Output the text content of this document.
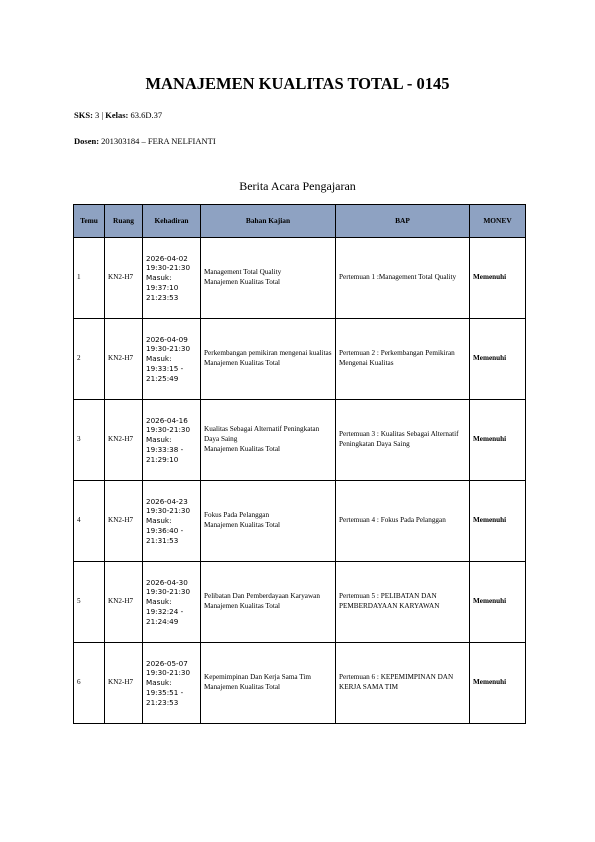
MANAJEMEN KUALITAS TOTAL - 0145
SKS: 3 | Kelas: 63.6D.37
Dosen: 201303184 – FERA NELFIANTI
Berita Acara Pengajaran
Temu	Ruang	Kehadiran	Bahan Kajian	BAP	MONEV
1	KN2-H7	2026-04-02
19:30-21:30
Masuk:
19:37:10
21:23:53	Management Total Quality
Manajemen Kualitas Total	Pertemuan 1 :Management Total Quality	Memenuhi
2	KN2-H7	2026-04-09
19:30-21:30
Masuk:
19:33:15 -
21:25:49	Perkembangan pemikiran mengenai kualitas
Manajemen Kualitas Total	Pertemuan 2 : Perkembangan Pemikiran Mengenai Kualitas	Memenuhi
3	KN2-H7	2026-04-16
19:30-21:30
Masuk:
19:33:38 -
21:29:10	Kualitas Sebagai Alternatif Peningkatan Daya Saing
Manajemen Kualitas Total	Pertemuan 3 : Kualitas Sebagai Alternatif Peningkatan Daya Saing	Memenuhi
4	KN2-H7	2026-04-23
19:30-21:30
Masuk:
19:36:40 -
21:31:53	Fokus Pada Pelanggan
Manajemen Kualitas Total	Pertemuan 4 : Fokus Pada Pelanggan	Memenuhi
5	KN2-H7	2026-04-30
19:30-21:30
Masuk:
19:32:24 -
21:24:49	Pelibatan Dan Pemberdayaan Karyawan
Manajemen Kualitas Total	Pertemuan 5 : PELIBATAN DAN PEMBERDAYAAN KARYAWAN	Memenuhi
6	KN2-H7	2026-05-07
19:30-21:30
Masuk:
19:35:51 -
21:23:53	Kepemimpinan Dan Kerja Sama Tim
Manajemen Kualitas Total	Pertemuan 6 : KEPEMIMPINAN DAN KERJA SAMA TIM	Memenuhi
